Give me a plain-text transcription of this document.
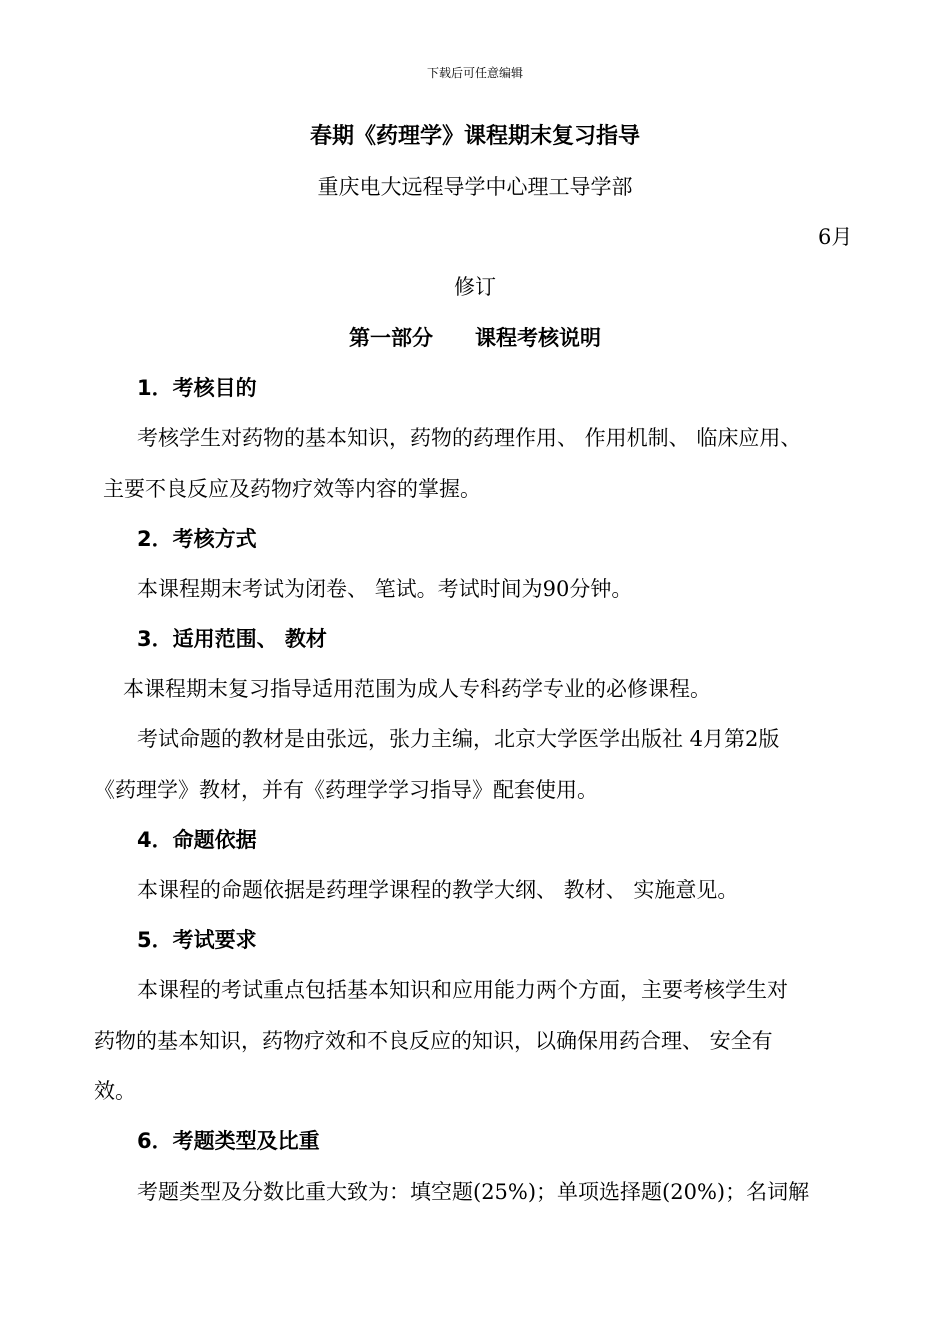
下载后可任意编辑
春期《药理学》课程期末复习指导
重庆电大远程导学中心理工导学部
6月
修订
第一部分　　课程考核说明
1．考核目的
考核学生对药物的基本知识，药物的药理作用、 作用机制、 临床应用、
主要不良反应及药物疗效等内容的掌握。
2．考核方式
本课程期末考试为闭卷、 笔试。考试时间为90分钟。
3．适用范围、 教材
本课程期末复习指导适用范围为成人专科药学专业的必修课程。
考试命题的教材是由张远，张力主编，北京大学医学出版社 4月第2版
《药理学》教材，并有《药理学学习指导》配套使用。
4．命题依据
本课程的命题依据是药理学课程的教学大纲、 教材、 实施意见。
5．考试要求
本课程的考试重点包括基本知识和应用能力两个方面，主要考核学生对
药物的基本知识，药物疗效和不良反应的知识，以确保用药合理、 安全有
效。
6．考题类型及比重
考题类型及分数比重大致为：填空题(25%)；单项选择题(20%)；名词解
